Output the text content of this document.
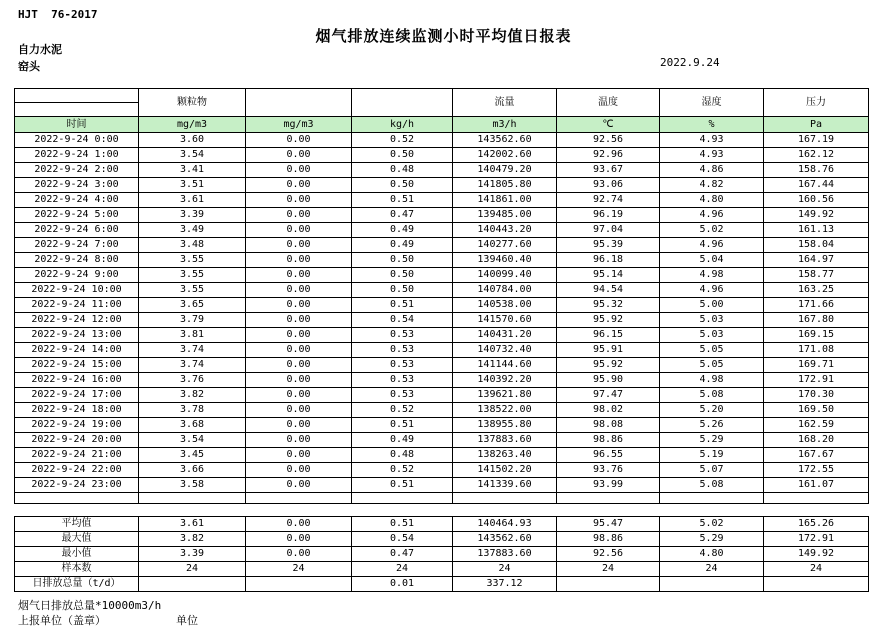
HJT  76-2017
烟气排放连续监测小时平均值日报表
自力水泥
窑头	2022.9.24
	颗粒物			流量	温度	湿度	压力

时间	mg/m3	mg/m3	kg/h	m3/h	℃	%	Pa
2022-9-24 0:00	3.60	0.00	0.52	143562.60	92.56	4.93	167.19
2022-9-24 1:00	3.54	0.00	0.50	142002.60	92.96	4.93	162.12
2022-9-24 2:00	3.41	0.00	0.48	140479.20	93.67	4.86	158.76
2022-9-24 3:00	3.51	0.00	0.50	141805.80	93.06	4.82	167.44
2022-9-24 4:00	3.61	0.00	0.51	141861.00	92.74	4.80	160.56
2022-9-24 5:00	3.39	0.00	0.47	139485.00	96.19	4.96	149.92
2022-9-24 6:00	3.49	0.00	0.49	140443.20	97.04	5.02	161.13
2022-9-24 7:00	3.48	0.00	0.49	140277.60	95.39	4.96	158.04
2022-9-24 8:00	3.55	0.00	0.50	139460.40	96.18	5.04	164.97
2022-9-24 9:00	3.55	0.00	0.50	140099.40	95.14	4.98	158.77
2022-9-24 10:00	3.55	0.00	0.50	140784.00	94.54	4.96	163.25
2022-9-24 11:00	3.65	0.00	0.51	140538.00	95.32	5.00	171.66
2022-9-24 12:00	3.79	0.00	0.54	141570.60	95.92	5.03	167.80
2022-9-24 13:00	3.81	0.00	0.53	140431.20	96.15	5.03	169.15
2022-9-24 14:00	3.74	0.00	0.53	140732.40	95.91	5.05	171.08
2022-9-24 15:00	3.74	0.00	0.53	141144.60	95.92	5.05	169.71
2022-9-24 16:00	3.76	0.00	0.53	140392.20	95.90	4.98	172.91
2022-9-24 17:00	3.82	0.00	0.53	139621.80	97.47	5.08	170.30
2022-9-24 18:00	3.78	0.00	0.52	138522.00	98.02	5.20	169.50
2022-9-24 19:00	3.68	0.00	0.51	138955.80	98.08	5.26	162.59
2022-9-24 20:00	3.54	0.00	0.49	137883.60	98.86	5.29	168.20
2022-9-24 21:00	3.45	0.00	0.48	138263.40	96.55	5.19	167.67
2022-9-24 22:00	3.66	0.00	0.52	141502.20	93.76	5.07	172.55
2022-9-24 23:00	3.58	0.00	0.51	141339.60	93.99	5.08	161.07

平均值	3.61	0.00	0.51	140464.93	95.47	5.02	165.26
最大值	3.82	0.00	0.54	143562.60	98.86	5.29	172.91
最小值	3.39	0.00	0.47	137883.60	92.56	4.80	149.92
样本数	24	24	24	24	24	24	24
日排放总量（t/d）			0.01	337.12			
烟气日排放总量*10000m3/h
上报单位（盖章）	单位
